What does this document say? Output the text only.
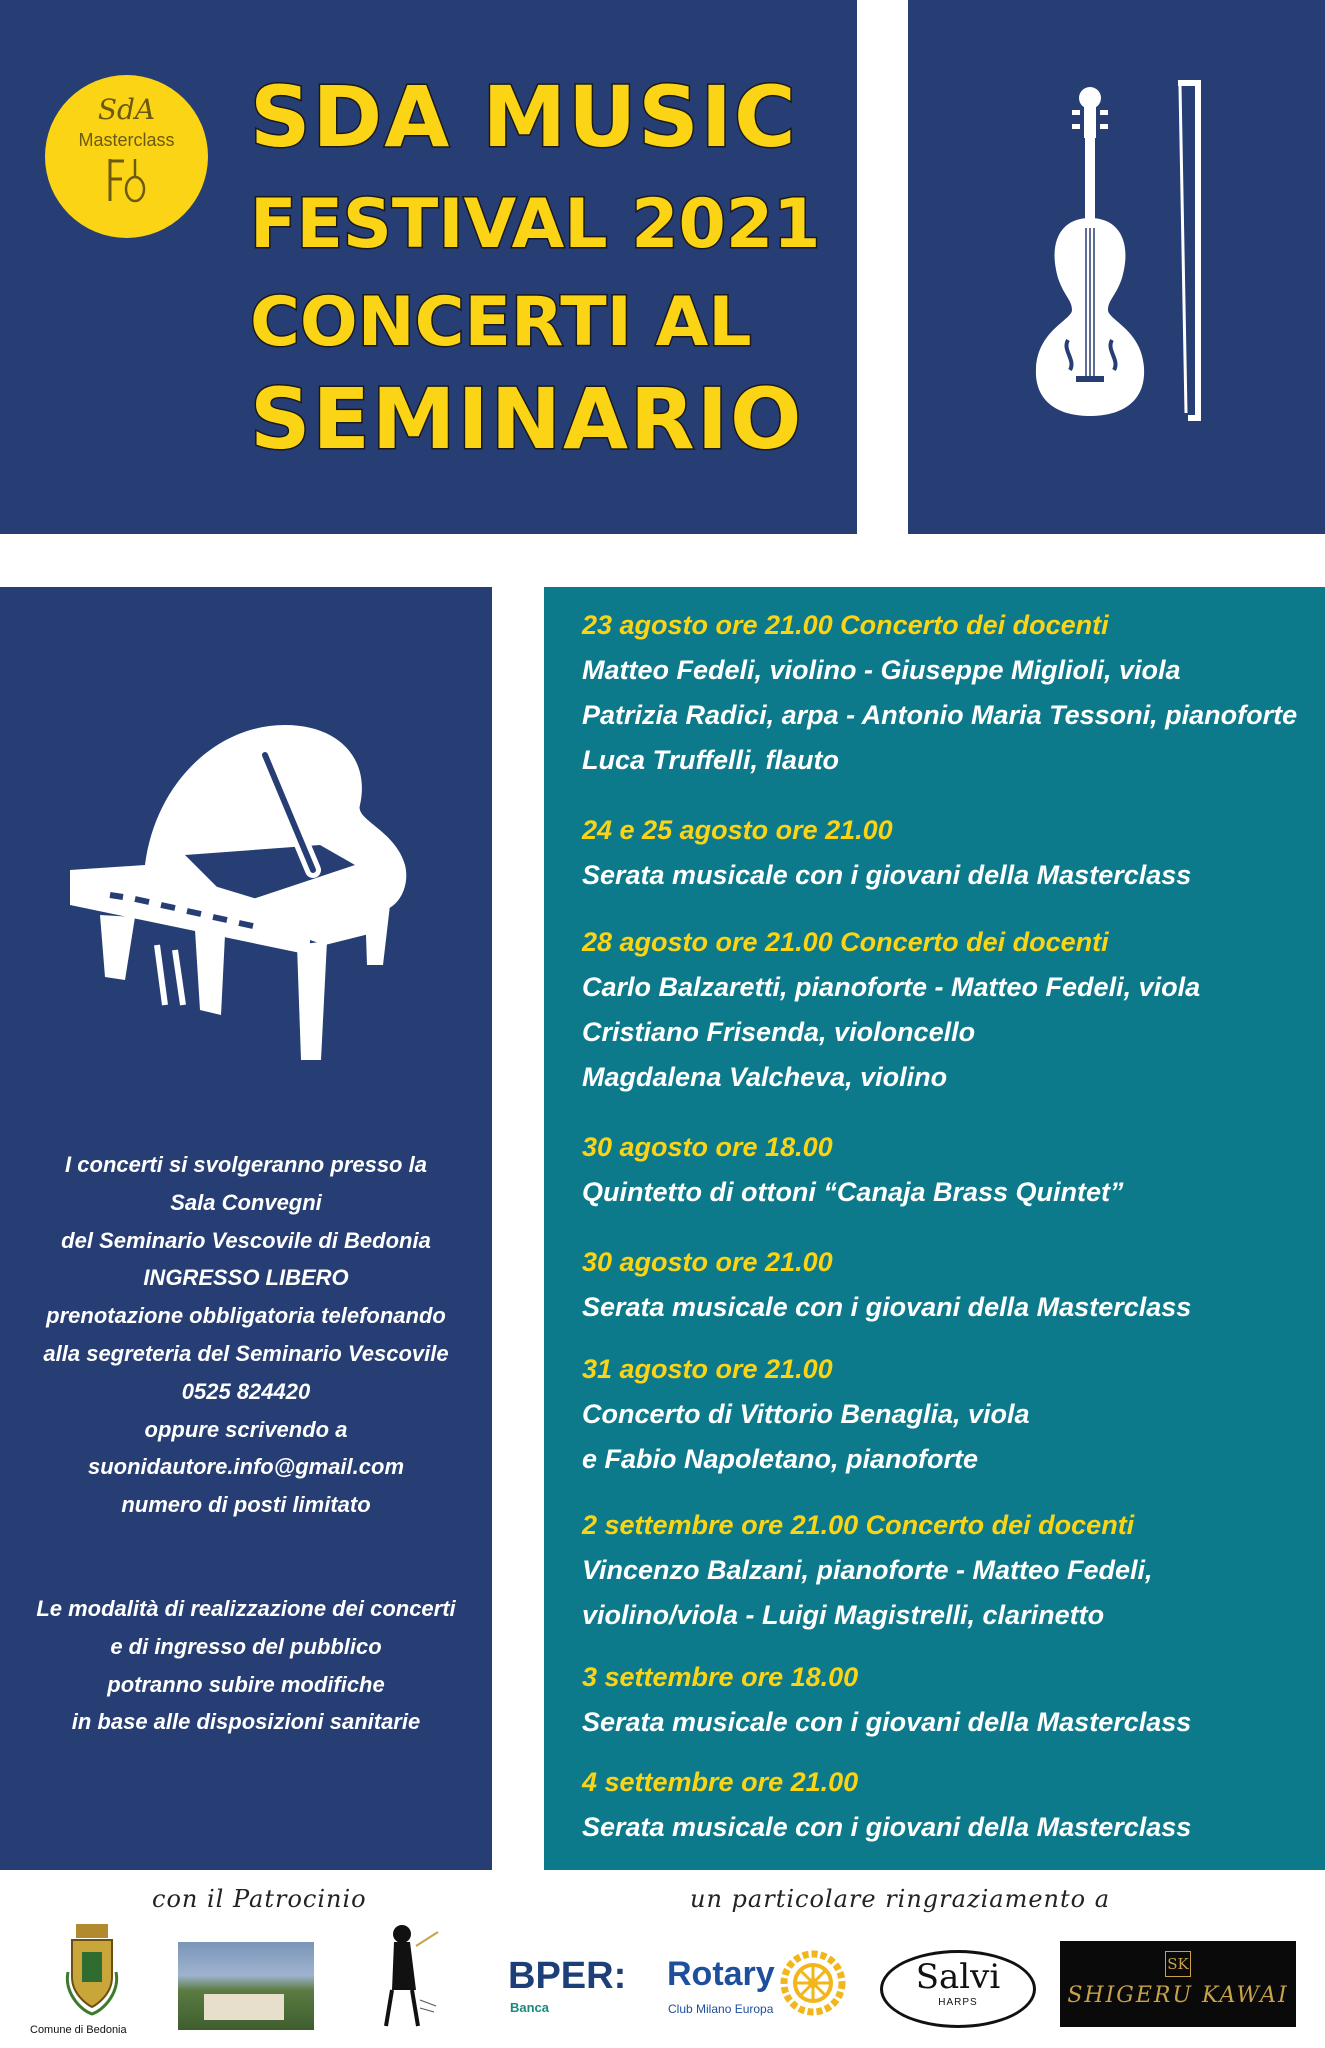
SdA
Masterclass SDA MUSIC
FESTIVAL 2021
CONCERTI AL
SEMINARIO
I concerti si svolgeranno presso la
Sala Convegni
del Seminario Vescovile di Bedonia
INGRESSO LIBERO
prenotazione obbligatoria telefonando
alla segreteria del Seminario Vescovile
0525 824420
oppure scrivendo a
suonidautore.info@gmail.com
numero di posti limitato
Le modalità di realizzazione dei concerti
e di ingresso del pubblico
potranno subire modifiche
in base alle disposizioni sanitarie
23 agosto ore 21.00 Concerto dei docenti
Matteo Fedeli, violino - Giuseppe Miglioli, viola
Patrizia Radici, arpa - Antonio Maria Tessoni, pianoforte
Luca Truffelli, flauto
24 e 25 agosto ore 21.00
Serata musicale con i giovani della Masterclass
28 agosto ore 21.00 Concerto dei docenti
Carlo Balzaretti, pianoforte - Matteo Fedeli, viola
Cristiano Frisenda, violoncello
Magdalena Valcheva, violino
30 agosto ore 18.00
Quintetto di ottoni “Canaja Brass Quintet”
30 agosto ore 21.00
Serata musicale con i giovani della Masterclass
31 agosto ore 21.00
Concerto di Vittorio Benaglia, viola
e Fabio Napoletano, pianoforte
2 settembre ore 21.00 Concerto dei docenti
Vincenzo Balzani, pianoforte - Matteo Fedeli,
violino/viola - Luigi Magistrelli, clarinetto
3 settembre ore 18.00
Serata musicale con i giovani della Masterclass
4 settembre ore 21.00
Serata musicale con i giovani della Masterclass
con il Patrocinio	un particolare ringraziamento a
Comune di Bedonia
BPER:
Banca
Rotary
Club Milano Europa
Salvi
HARPS
SK
SHIGERU KAWAI
